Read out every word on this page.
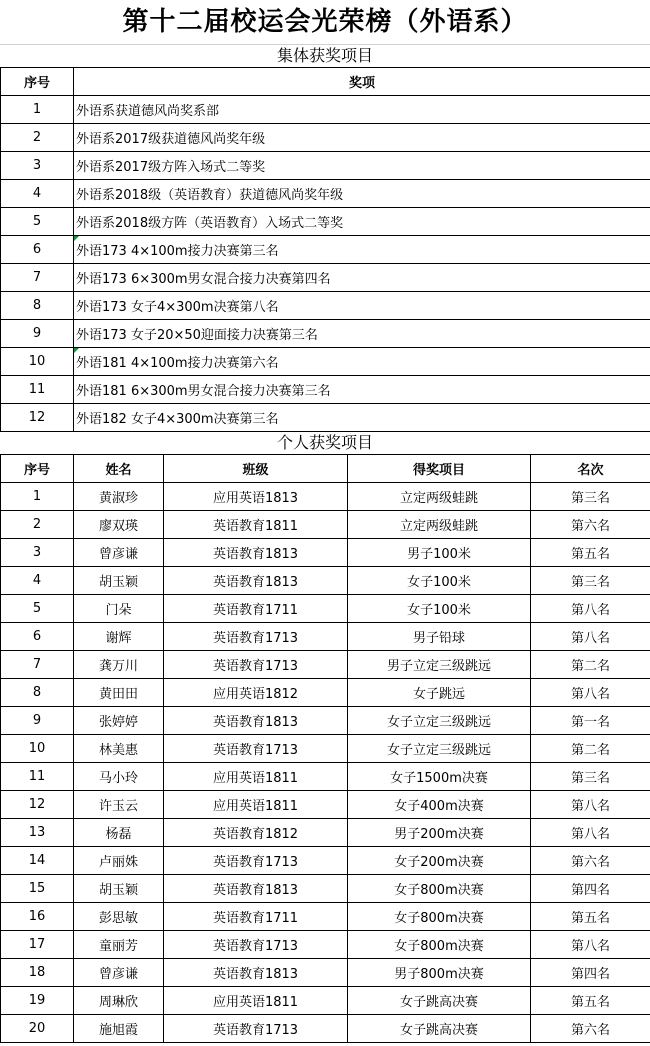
第十二届校运会光荣榜（外语系）
集体获奖项目
序号	奖项
1	外语系获道德风尚奖系部
2	外语系2017级获道德风尚奖年级
3	外语系2017级方阵入场式二等奖
4	外语系2018级（英语教育）获道德风尚奖年级
5	外语系2018级方阵（英语教育）入场式二等奖
6	外语173 4×100m接力决赛第三名
7	外语173 6×300m男女混合接力决赛第四名
8	外语173 女子4×300m决赛第八名
9	外语173 女子20×50迎面接力决赛第三名
10	外语181 4×100m接力决赛第六名
11	外语181 6×300m男女混合接力决赛第三名
12	外语182 女子4×300m决赛第三名
个人获奖项目
序号	姓名	班级	得奖项目	名次
1	黄淑珍	应用英语1813	立定两级蛙跳	第三名
2	廖双瑛	英语教育1811	立定两级蛙跳	第六名
3	曾彦谦	英语教育1813	男子100米	第五名
4	胡玉颖	英语教育1813	女子100米	第三名
5	门朵	英语教育1711	女子100米	第八名
6	谢辉	英语教育1713	男子铅球	第八名
7	龚万川	英语教育1713	男子立定三级跳远	第二名
8	黄田田	应用英语1812	女子跳远	第八名
9	张婷婷	英语教育1813	女子立定三级跳远	第一名
10	林美惠	英语教育1713	女子立定三级跳远	第二名
11	马小玲	应用英语1811	女子1500m决赛	第三名
12	许玉云	应用英语1811	女子400m决赛	第八名
13	杨磊	英语教育1812	男子200m决赛	第八名
14	卢丽姝	英语教育1713	女子200m决赛	第六名
15	胡玉颖	英语教育1813	女子800m决赛	第四名
16	彭思敏	英语教育1711	女子800m决赛	第五名
17	童丽芳	英语教育1713	女子800m决赛	第八名
18	曾彦谦	英语教育1813	男子800m决赛	第四名
19	周琳欣	应用英语1811	女子跳高决赛	第五名
20	施旭霞	英语教育1713	女子跳高决赛	第六名
